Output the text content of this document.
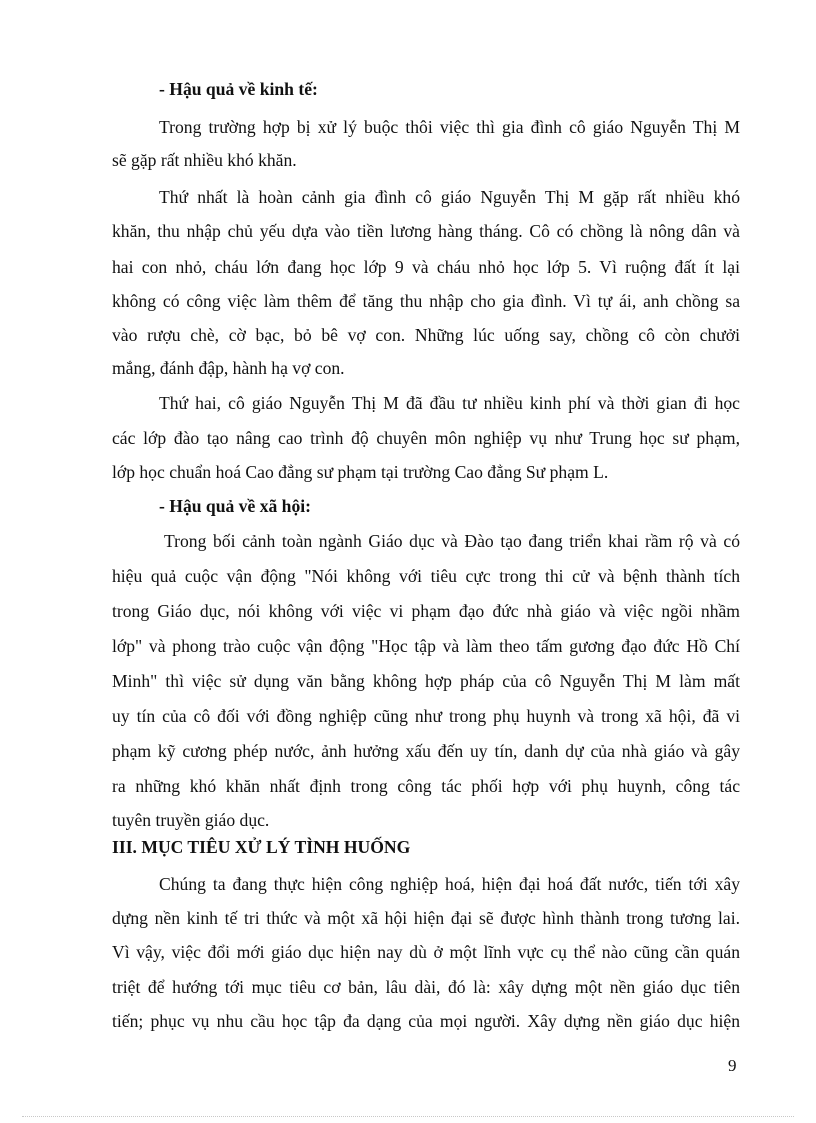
- Hậu quả về kinh tế:
Trong trường hợp bị xử lý buộc thôi việc thì gia đình cô giáo Nguyễn Thị M
sẽ gặp rất nhiều khó khăn.
Thứ nhất là hoàn cảnh gia đình cô giáo Nguyễn Thị M gặp rất nhiều khó
khăn, thu nhập chủ yếu dựa vào tiền lương hàng tháng. Cô có chồng là nông dân và
hai con nhỏ, cháu lớn đang học lớp 9 và cháu nhỏ học lớp 5. Vì ruộng đất ít lại
không có công việc làm thêm để tăng thu nhập cho gia đình. Vì tự ái, anh chồng sa
vào rượu chè, cờ bạc, bỏ bê vợ con. Những lúc uống say, chồng cô còn chưởi
mắng, đánh đập, hành hạ vợ con.
Thứ hai, cô giáo Nguyễn Thị M đã đầu tư nhiều kinh phí và thời gian đi học
các lớp đào tạo nâng cao trình độ chuyên môn nghiệp vụ như Trung học sư phạm,
lớp học chuẩn hoá Cao đẳng sư phạm tại trường Cao đẳng Sư phạm L.
- Hậu quả về xã hội:
Trong bối cảnh toàn ngành Giáo dục và Đào tạo đang triển khai rầm rộ và có
hiệu quả cuộc vận động "Nói không với tiêu cực trong thi cử và bệnh thành tích
trong Giáo dục, nói không với việc vi phạm đạo đức nhà giáo và việc ngồi nhầm
lớp" và phong trào cuộc vận động "Học tập và làm theo tấm gương đạo đức Hồ Chí
Minh" thì việc sử dụng văn bằng không hợp pháp của cô Nguyễn Thị M làm mất
uy tín của cô đối với đồng nghiệp cũng như trong phụ huynh và trong xã hội, đã vi
phạm kỹ cương phép nước, ảnh hưởng xấu đến uy tín, danh dự của nhà giáo và gây
ra những khó khăn nhất định trong công tác phối hợp với phụ huynh, công tác
tuyên truyền giáo dục.
III. MỤC TIÊU XỬ LÝ TÌNH HUỐNG
Chúng ta đang thực hiện công nghiệp hoá, hiện đại hoá đất nước, tiến tới xây
dựng nền kinh tế tri thức và một xã hội hiện đại sẽ được hình thành trong tương lai.
Vì vậy, việc đổi mới giáo dục hiện nay dù ở một lĩnh vực cụ thể nào cũng cần quán
triệt để hướng tới mục tiêu cơ bản, lâu dài, đó là: xây dựng một nền giáo dục tiên
tiến; phục vụ nhu cầu học tập đa dạng của mọi người. Xây dựng nền giáo dục hiện
9
